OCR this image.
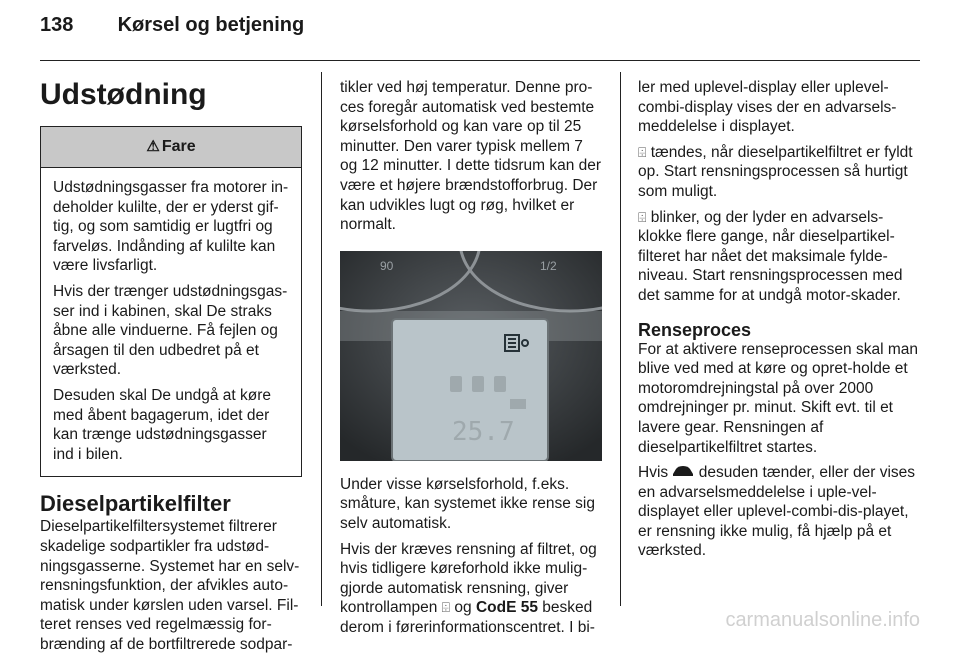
138 Kørsel og betjening
Udstødning
⚠ Fare

Udstødningsgasser fra motorer in-deholder kulilte, der er yderst gif-tig, og som samtidig er lugtfri og farveløs. Indånding af kulilte kan være livsfarligt.

Hvis der trænger udstødningsgas-ser ind i kabinen, skal De straks åbne alle vinduerne. Få fejlen og årsagen til den udbedret på et værksted.

Desuden skal De undgå at køre med åbent bagagerum, idet der kan trænge udstødningsgasser ind i bilen.

Dieselpartikelfilter

Dieselpartikelfiltersystemet filtrerer skadelige sodpartikler fra udstød-ningsgasserne. Systemet har en selv-rensningsfunktion, der afvikles auto-matisk under kørslen uden varsel. Fil-teret renses ved regelmæssig for-brænding af de bortfiltrerede sodpar-

tikler ved høj temperatur. Denne pro-ces foregår automatisk ved bestemte kørselsforhold og kan vare op til 25 minutter. Den varer typisk mellem 7 og 12 minutter. I dette tidsrum kan der være et højere brændstofforbrug. Der kan udvikles lugt og røg, hvilket er normalt.

90	1/2
25.7

Under visse kørselsforhold, f.eks. småture, kan systemet ikke rense sig selv automatisk.

Hvis der kræves rensning af filtret, og hvis tidligere køreforhold ikke mulig-gjorde automatisk rensning, giver kontrollampen ⌹ og CodE 55 besked derom i førerinformationscentret. I bi-

ler med uplevel-display eller uplevel-combi-display vises der en advarsels-meddelelse i displayet.

⌹ tændes, når dieselpartikelfiltret er fyldt op. Start rensningsprocessen så hurtigt som muligt.

⌹ blinker, og der lyder en advarsels-klokke flere gange, når dieselpartikel-filteret har nået det maksimale fylde-niveau. Start rensningsprocessen med det samme for at undgå motor-skader.

Renseproces

For at aktivere renseprocessen skal man blive ved med at køre og opret-holde et motoromdrejningstal på over 2000 omdrejninger pr. minut. Skift evt. til et lavere gear. Rensningen af dieselpartikelfiltret startes.

Hvis  desuden tænder, eller der vises en advarselsmeddelelse i uple-vel-displayet eller uplevel-combi-dis-playet, er rensning ikke mulig, få hjælp på et værksted.

carmanualsonline.info
